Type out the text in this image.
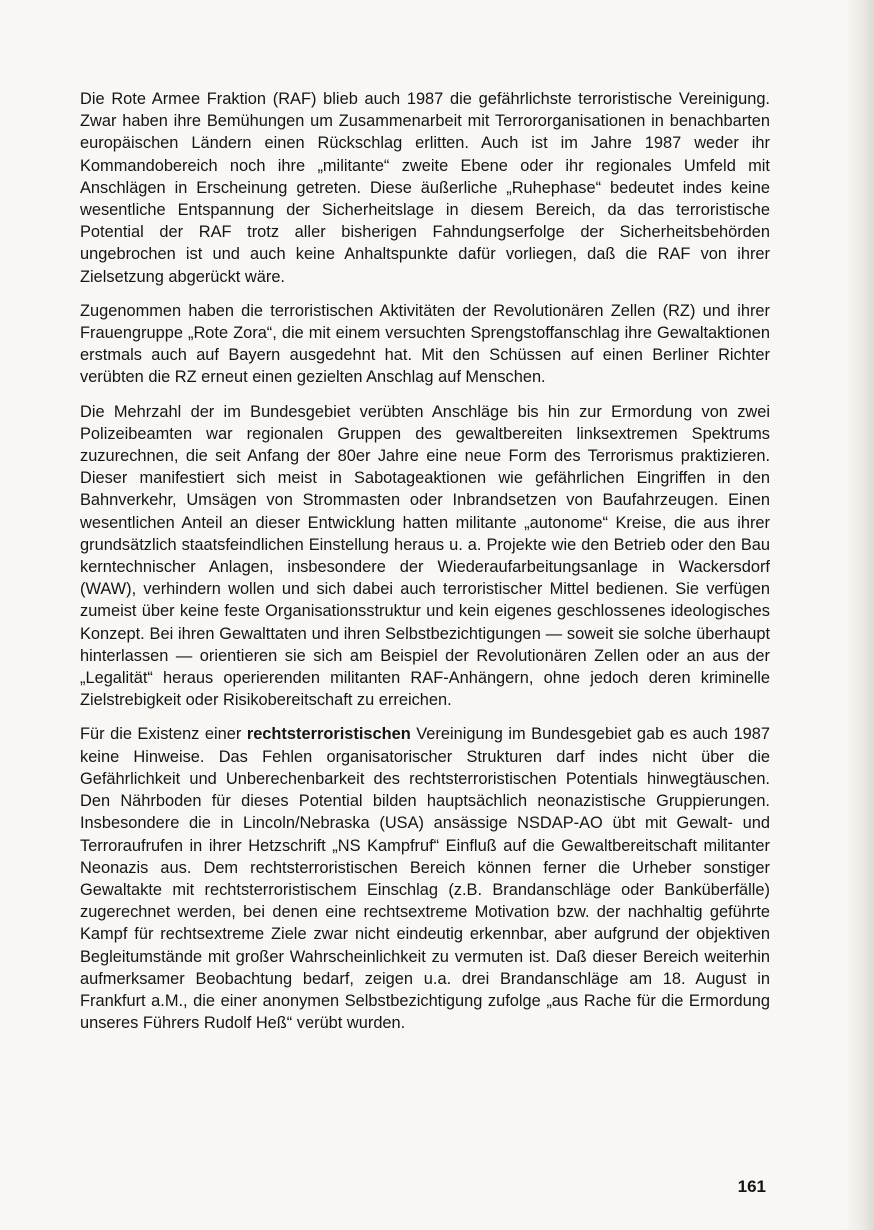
Die Rote Armee Fraktion (RAF) blieb auch 1987 die gefährlichste terroristische Vereinigung. Zwar haben ihre Bemühungen um Zusammenarbeit mit Terrororganisationen in benachbarten europäischen Ländern einen Rückschlag erlitten. Auch ist im Jahre 1987 weder ihr Kommandobereich noch ihre „militante“ zweite Ebene oder ihr regionales Umfeld mit Anschlägen in Erscheinung getreten. Diese äußerliche „Ruhephase“ bedeutet indes keine wesentliche Entspannung der Sicherheitslage in diesem Bereich, da das terroristische Potential der RAF trotz aller bisherigen Fahndungserfolge der Sicherheitsbehörden ungebrochen ist und auch keine Anhaltspunkte dafür vorliegen, daß die RAF von ihrer Zielsetzung abgerückt wäre.

Zugenommen haben die terroristischen Aktivitäten der Revolutionären Zellen (RZ) und ihrer Frauengruppe „Rote Zora“, die mit einem versuchten Sprengstoffanschlag ihre Gewaltaktionen erstmals auch auf Bayern ausgedehnt hat. Mit den Schüssen auf einen Berliner Richter verübten die RZ erneut einen gezielten Anschlag auf Menschen.

Die Mehrzahl der im Bundesgebiet verübten Anschläge bis hin zur Ermordung von zwei Polizeibeamten war regionalen Gruppen des gewaltbereiten linksextremen Spektrums zuzurechnen, die seit Anfang der 80er Jahre eine neue Form des Terrorismus praktizieren. Dieser manifestiert sich meist in Sabotageaktionen wie gefährlichen Eingriffen in den Bahnverkehr, Umsägen von Strommasten oder Inbrandsetzen von Baufahrzeugen. Einen wesentlichen Anteil an dieser Entwicklung hatten militante „autonome“ Kreise, die aus ihrer grundsätzlich staatsfeindlichen Einstellung heraus u. a. Projekte wie den Betrieb oder den Bau kerntechnischer Anlagen, insbesondere der Wiederaufarbeitungsanlage in Wackersdorf (WAW), verhindern wollen und sich dabei auch terroristischer Mittel bedienen. Sie verfügen zumeist über keine feste Organisationsstruktur und kein eigenes geschlossenes ideologisches Konzept. Bei ihren Gewalttaten und ihren Selbstbezichtigungen — soweit sie solche überhaupt hinterlassen — orientieren sie sich am Beispiel der Revolutionären Zellen oder an aus der „Legalität“ heraus operierenden militanten RAF-Anhängern, ohne jedoch deren kriminelle Zielstrebigkeit oder Risikobereitschaft zu erreichen.

Für die Existenz einer rechtsterroristischen Vereinigung im Bundesgebiet gab es auch 1987 keine Hinweise. Das Fehlen organisatorischer Strukturen darf indes nicht über die Gefährlichkeit und Unberechenbarkeit des rechtsterroristischen Potentials hinwegtäuschen. Den Nährboden für dieses Potential bilden hauptsächlich neonazistische Gruppierungen. Insbesondere die in Lincoln/Nebraska (USA) ansässige NSDAP-AO übt mit Gewalt- und Terroraufrufen in ihrer Hetzschrift „NS Kampfruf“ Einfluß auf die Gewaltbereitschaft militanter Neonazis aus. Dem rechtsterroristischen Bereich können ferner die Urheber sonstiger Gewaltakte mit rechtsterroristischem Einschlag (z.B. Brandanschläge oder Banküberfälle) zugerechnet werden, bei denen eine rechtsextreme Motivation bzw. der nachhaltig geführte Kampf für rechtsextreme Ziele zwar nicht eindeutig erkennbar, aber aufgrund der objektiven Begleitumstände mit großer Wahrscheinlichkeit zu vermuten ist. Daß dieser Bereich weiterhin aufmerksamer Beobachtung bedarf, zeigen u.a. drei Brandanschläge am 18. August in Frankfurt a.M., die einer anonymen Selbstbezichtigung zufolge „aus Rache für die Ermordung unseres Führers Rudolf Heß“ verübt wurden.

161
